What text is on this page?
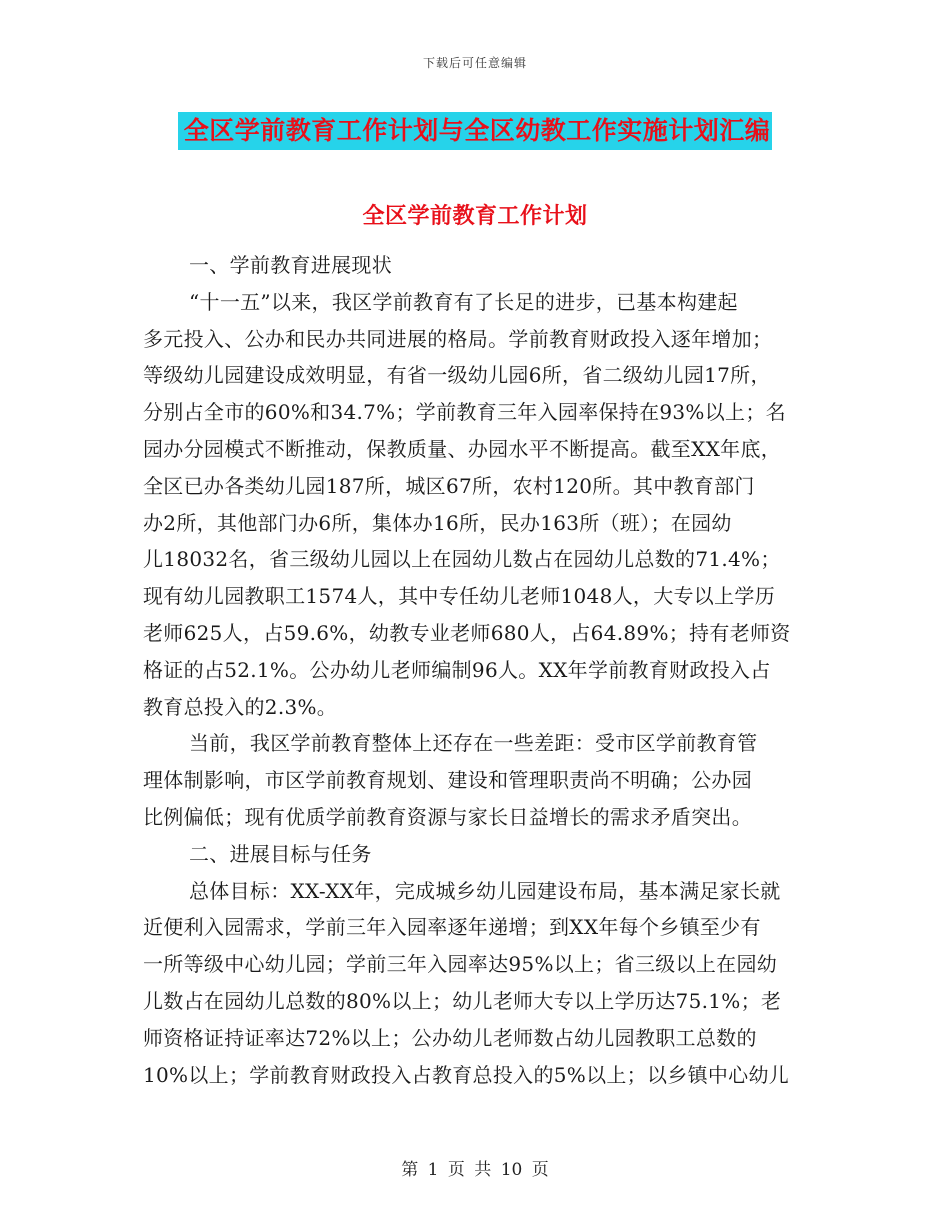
下载后可任意编辑
全区学前教育工作计划与全区幼教工作实施计划汇编
全区学前教育工作计划
一、学前教育进展现状
“十一五”以来，我区学前教育有了长足的进步，已基本构建起
多元投入、公办和民办共同进展的格局。学前教育财政投入逐年增加；
等级幼儿园建设成效明显，有省一级幼儿园6所，省二级幼儿园17所，
分别占全市的60%和34.7%；学前教育三年入园率保持在93%以上；名
园办分园模式不断推动，保教质量、办园水平不断提高。截至XX年底，
全区已办各类幼儿园187所，城区67所，农村120所。其中教育部门
办2所，其他部门办6所，集体办16所，民办163所（班）；在园幼
儿18032名，省三级幼儿园以上在园幼儿数占在园幼儿总数的71.4%；
现有幼儿园教职工1574人，其中专任幼儿老师1048人，大专以上学历
老师625人，占59.6%，幼教专业老师680人，占64.89%；持有老师资
格证的占52.1%。公办幼儿老师编制96人。XX年学前教育财政投入占
教育总投入的2.3%。
当前，我区学前教育整体上还存在一些差距：受市区学前教育管
理体制影响，市区学前教育规划、建设和管理职责尚不明确；公办园
比例偏低；现有优质学前教育资源与家长日益增长的需求矛盾突出。
二、进展目标与任务
总体目标：XX-XX年，完成城乡幼儿园建设布局，基本满足家长就
近便利入园需求，学前三年入园率逐年递增；到XX年每个乡镇至少有
一所等级中心幼儿园；学前三年入园率达95%以上；省三级以上在园幼
儿数占在园幼儿总数的80%以上；幼儿老师大专以上学历达75.1%；老
师资格证持证率达72%以上；公办幼儿老师数占幼儿园教职工总数的
10%以上；学前教育财政投入占教育总投入的5%以上；以乡镇中心幼儿
第 1 页 共 10 页
